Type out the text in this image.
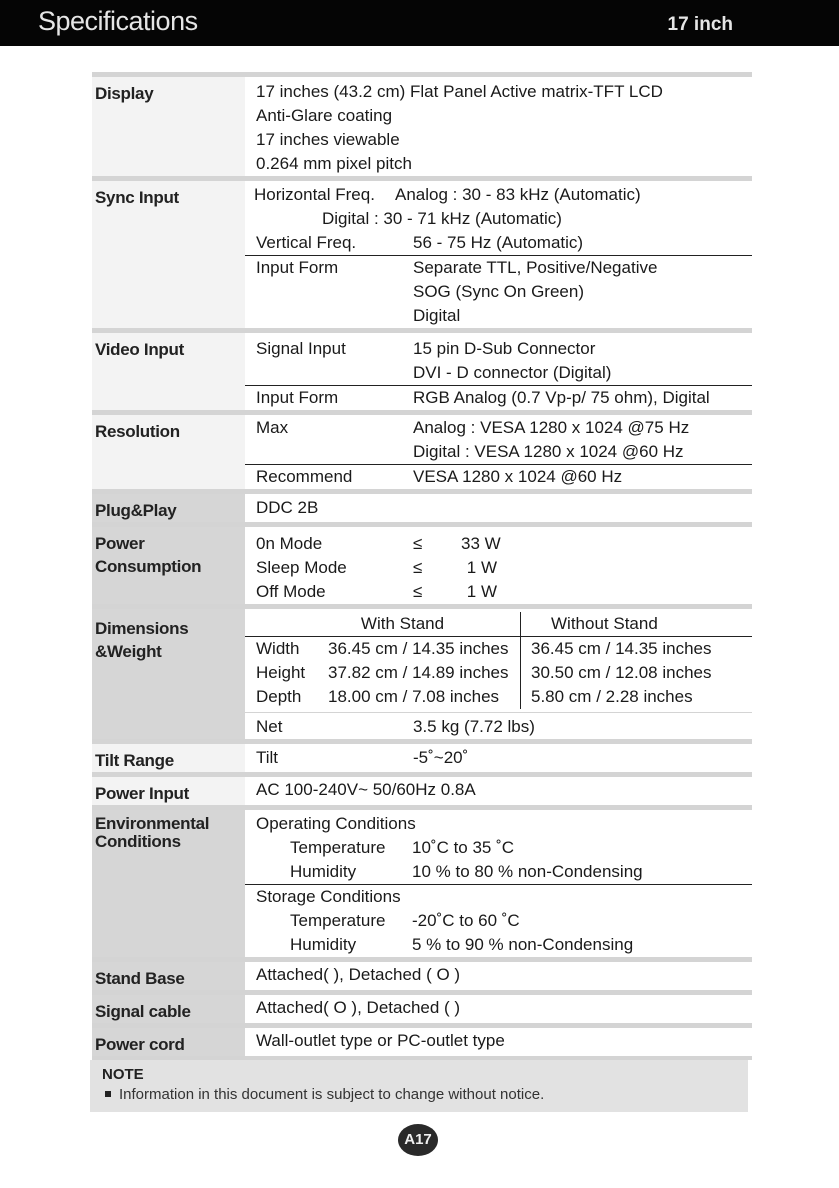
Specifications	17 inch
Display	17 inches (43.2 cm) Flat Panel Active matrix-TFT LCD
Anti-Glare coating
17 inches viewable
0.264 mm pixel pitch
Sync Input	Horizontal Freq.	Analog : 30 - 83 kHz (Automatic)
Digital : 30 - 71 kHz (Automatic)
Vertical Freq.	56 - 75 Hz (Automatic)
Input Form	Separate TTL, Positive/Negative
SOG (Sync On Green)
Digital
Video Input	Signal Input	15 pin D-Sub Connector
DVI - D connector (Digital)
Input Form	RGB Analog (0.7 Vp-p/ 75 ohm), Digital
Resolution	Max	Analog : VESA 1280 x 1024 @75 Hz
Digital : VESA 1280 x 1024 @60 Hz
Recommend	VESA 1280 x 1024 @60 Hz
Plug&Play	DDC 2B
Power
Consumption
0n Mode	≤	33 W
Sleep Mode	≤	1 W
Off Mode	≤	1 W
Dimensions
&Weight
With Stand	Without Stand
Width	36.45 cm / 14.35 inches	36.45 cm / 14.35 inches
Height	37.82 cm / 14.89 inches	30.50 cm / 12.08 inches
Depth	18.00 cm / 7.08 inches	5.80 cm / 2.28 inches
Net	3.5 kg (7.72 lbs)
Tilt Range	Tilt	-5˚~20˚
Power Input	AC 100-240V~ 50/60Hz 0.8A
Environmental
Conditions
Operating Conditions
Temperature	10˚C to 35 ˚C
Humidity	10 % to 80 % non-Condensing
Storage Conditions
Temperature	-20˚C to 60 ˚C
Humidity	5 % to 90 % non-Condensing
Stand Base	Attached( ), Detached ( O )
Signal cable	Attached( O ), Detached ( )
Power cord	Wall-outlet type or PC-outlet type
NOTE
Information in this document is subject to change without notice.
A17
